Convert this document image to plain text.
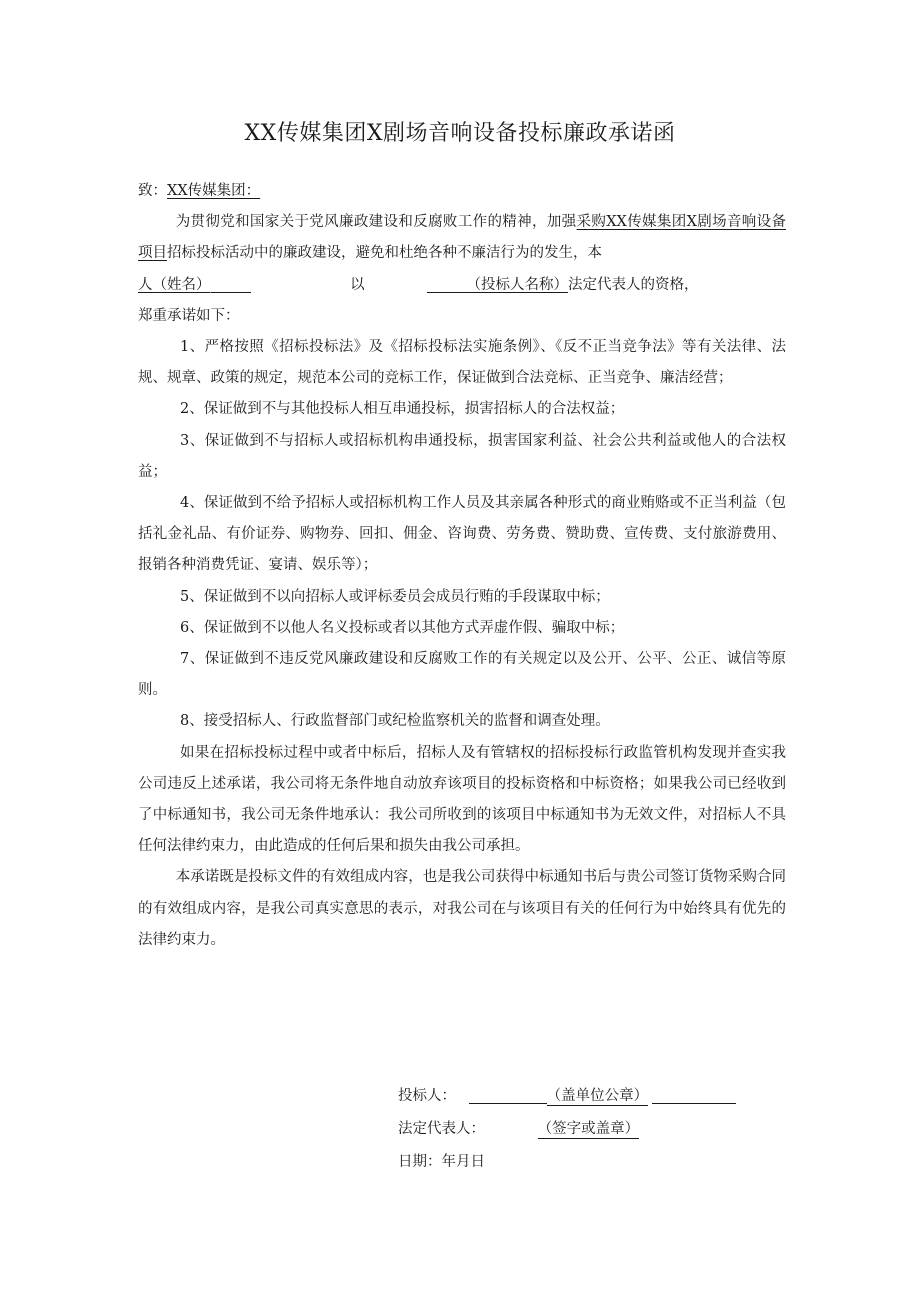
XX传媒集团X剧场音响设备投标廉政承诺函

致：XX传媒集团：

为贯彻党和国家关于党风廉政建设和反腐败工作的精神，加强采购XX传媒集团X剧场音响设备项目招标投标活动中的廉政建设，避免和杜绝各种不廉洁行为的发生，本
人（姓名）	以	（投标人名称）法定代表人的资格，
郑重承诺如下：

1、严格按照《招标投标法》及《招标投标法实施条例》、《反不正当竞争法》等有关法律、法规、规章、政策的规定，规范本公司的竞标工作，保证做到合法竞标、正当竞争、廉洁经营；

2、保证做到不与其他投标人相互串通投标，损害招标人的合法权益；

3、保证做到不与招标人或招标机构串通投标，损害国家利益、社会公共利益或他人的合法权益；

4、保证做到不给予招标人或招标机构工作人员及其亲属各种形式的商业贿赂或不正当利益（包括礼金礼品、有价证券、购物券、回扣、佣金、咨询费、劳务费、赞助费、宣传费、支付旅游费用、报销各种消费凭证、宴请、娱乐等）；

5、保证做到不以向招标人或评标委员会成员行贿的手段谋取中标；

6、保证做到不以他人名义投标或者以其他方式弄虚作假、骗取中标；

7、保证做到不违反党风廉政建设和反腐败工作的有关规定以及公开、公平、公正、诚信等原则。

8、接受招标人、行政监督部门或纪检监察机关的监督和调查处理。

如果在招标投标过程中或者中标后，招标人及有管辖权的招标投标行政监管机构发现并查实我公司违反上述承诺，我公司将无条件地自动放弃该项目的投标资格和中标资格；如果我公司已经收到了中标通知书，我公司无条件地承认：我公司所收到的该项目中标通知书为无效文件，对招标人不具任何法律约束力，由此造成的任何后果和损失由我公司承担。

本承诺既是投标文件的有效组成内容，也是我公司获得中标通知书后与贵公司签订货物采购合同的有效组成内容，是我公司真实意思的表示，对我公司在与该项目有关的任何行为中始终具有优先的法律约束力。

投标人：	（盖单位公章）
法定代表人：	（签字或盖章）
日期：年月日
